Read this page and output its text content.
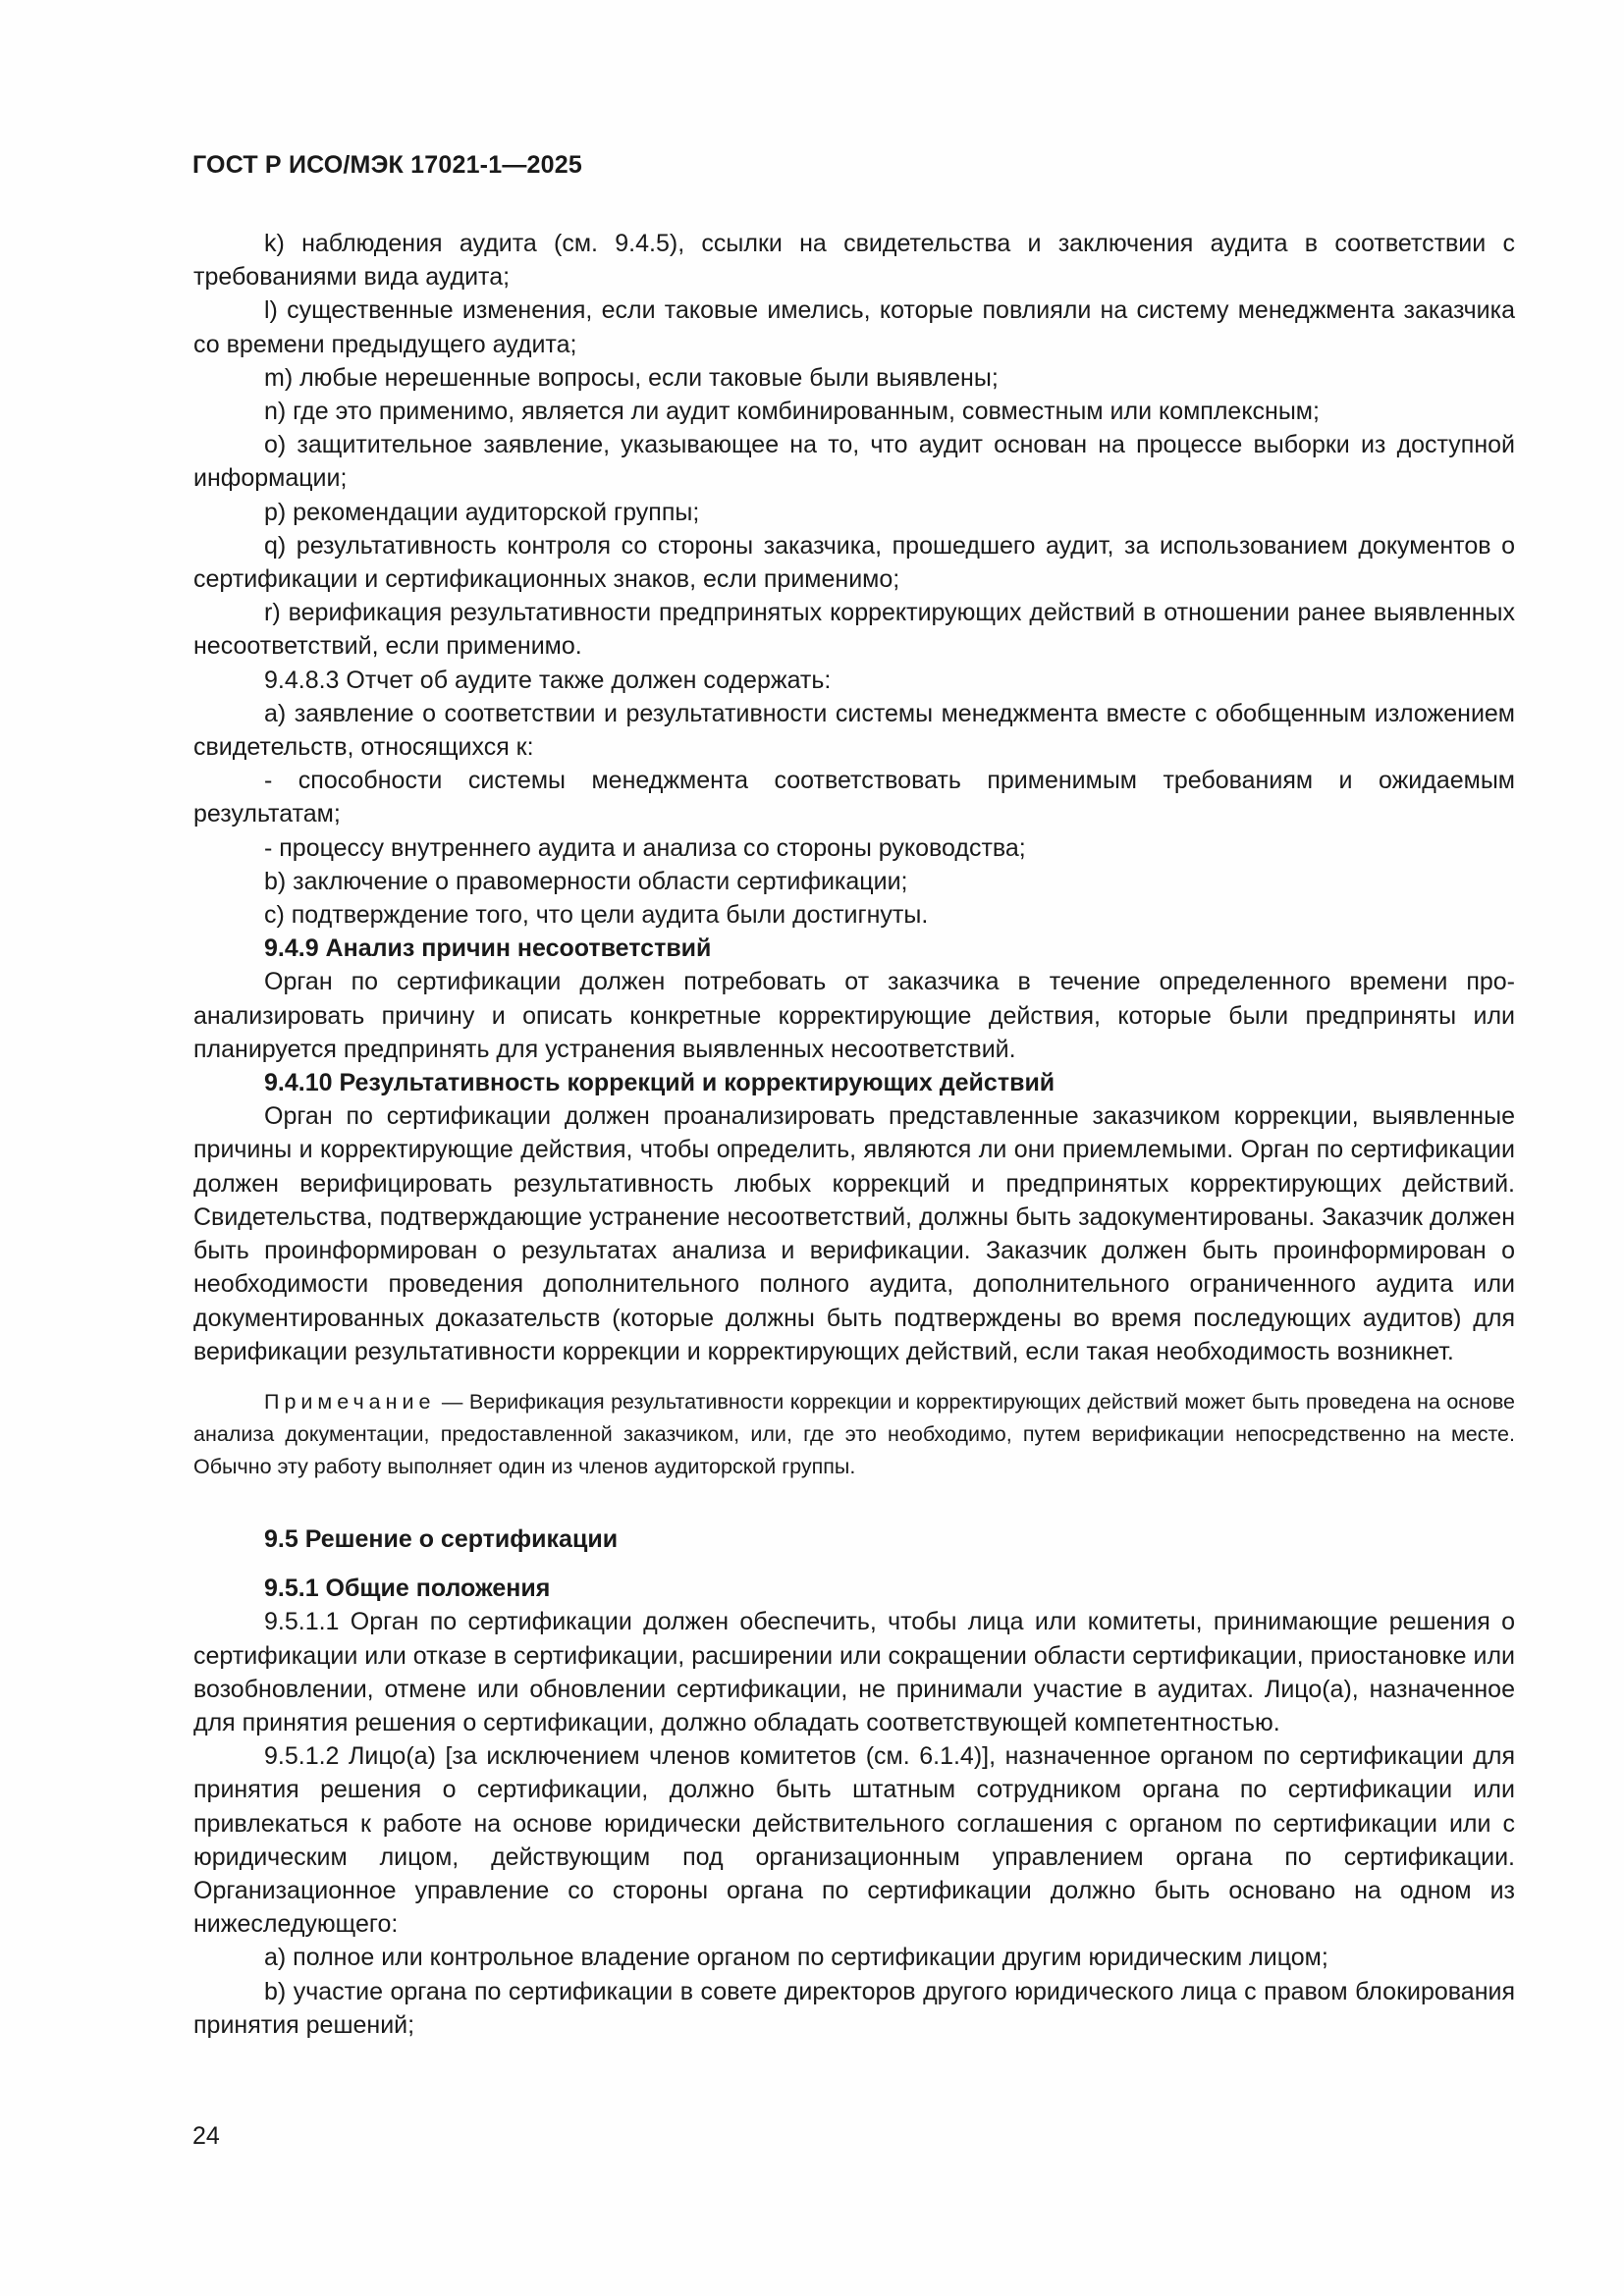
ГОСТ Р ИСО/МЭК 17021-1—2025

k) наблюдения аудита (см. 9.4.5), ссылки на свидетельства и заключения аудита в соответствии с требованиями вида аудита;

l) существенные изменения, если таковые имелись, которые повлияли на систему менеджмента заказчика со времени предыдущего аудита;

m) любые нерешенные вопросы, если таковые были выявлены;

n) где это применимо, является ли аудит комбинированным, совместным или комплексным;

o) защитительное заявление, указывающее на то, что аудит основан на процессе выборки из доступной информации;

p) рекомендации аудиторской группы;

q) результативность контроля со стороны заказчика, прошедшего аудит, за использованием документов о сертификации и сертификационных знаков, если применимо;

r) верификация результативности предпринятых корректирующих действий в отношении ранее выявленных несоответствий, если применимо.

9.4.8.3 Отчет об аудите также должен содержать:

a) заявление о соответствии и результативности системы менеджмента вместе с обобщенным изложением свидетельств, относящихся к:

- способности системы менеджмента соответствовать применимым требованиям и ожидаемым результатам;

- процессу внутреннего аудита и анализа со стороны руководства;

b) заключение о правомерности области сертификации;

c) подтверждение того, что цели аудита были достигнуты.

9.4.9 Анализ причин несоответствий

Орган по сертификации должен потребовать от заказчика в течение определенного времени проанализировать причину и описать конкретные корректирующие действия, которые были предприняты или планируется предпринять для устранения выявленных несоответствий.

9.4.10 Результативность коррекций и корректирующих действий

Орган по сертификации должен проанализировать представленные заказчиком коррекции, выявленные причины и корректирующие действия, чтобы определить, являются ли они приемлемыми. Орган по сертификации должен верифицировать результативность любых коррекций и предпринятых корректирующих действий. Свидетельства, подтверждающие устранение несоответствий, должны быть задокументированы. Заказчик должен быть проинформирован о результатах анализа и верификации. Заказчик должен быть проинформирован о необходимости проведения дополнительного полного аудита, дополнительного ограниченного аудита или документированных доказательств (которые должны быть подтверждены во время последующих аудитов) для верификации результативности коррекции и корректирующих действий, если такая необходимость возникнет.

Примечание — Верификация результативности коррекции и корректирующих действий может быть проведена на основе анализа документации, предоставленной заказчиком, или, где это необходимо, путем верификации непосредственно на месте. Обычно эту работу выполняет один из членов аудиторской группы.

9.5 Решение о сертификации

9.5.1 Общие положения

9.5.1.1 Орган по сертификации должен обеспечить, чтобы лица или комитеты, принимающие решения о сертификации или отказе в сертификации, расширении или сокращении области сертификации, приостановке или возобновлении, отмене или обновлении сертификации, не принимали участие в аудитах. Лицо(а), назначенное для принятия решения о сертификации, должно обладать соответствующей компетентностью.

9.5.1.2 Лицо(а) [за исключением членов комитетов (см. 6.1.4)], назначенное органом по сертификации для принятия решения о сертификации, должно быть штатным сотрудником органа по сертификации или привлекаться к работе на основе юридически действительного соглашения с органом по сертификации или с юридическим лицом, действующим под организационным управлением органа по сертификации. Организационное управление со стороны органа по сертификации должно быть основано на одном из нижеследующего:

a) полное или контрольное владение органом по сертификации другим юридическим лицом;

b) участие органа по сертификации в совете директоров другого юридического лица с правом блокирования принятия решений;

24
